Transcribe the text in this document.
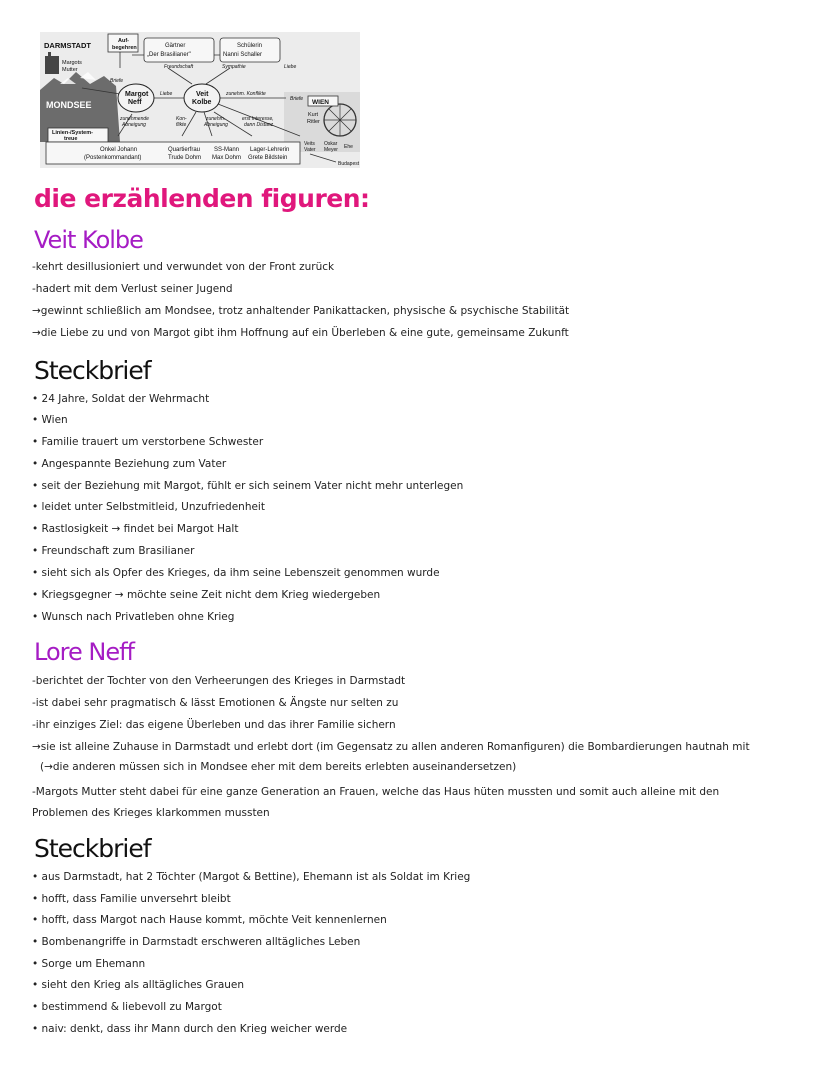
DARMSTADT
Margots
Mutter
Auf-
begehren	Gärtner
„Der Brasilianer"
Schülerin
Nanni Schaller
Freundschaft	Sympathie	Liebe
Briefe
Briefe
MONDSEE
Margot
Neff
Veit
Kolbe
Liebe	zunehm. Konflikte
WIEN
Kurt
Ritler
zunehmende
Abneigung
Kon-
flikte
zunehm.
Abneigung
erst Interesse,
dann Distanz
Linien-/System-
treue
Onkel Johann
(Postenkommandant)
Quartierfrau
Trude Dohm
SS-Mann
Max Dohm
Lager-Lehrerin
Grete Bildstein
Veits
Vater
Oskar
Meyer Ehe
Budapest
die erzählenden figuren:
Veit Kolbe
-kehrt desillusioniert und verwundet von der Front zurück
-hadert mit dem Verlust seiner Jugend
→gewinnt schließlich am Mondsee, trotz anhaltender Panikattacken, physische & psychische Stabilität
→die Liebe zu und von Margot gibt ihm Hoffnung auf ein Überleben & eine gute, gemeinsame Zukunft
Steckbrief
• 24 Jahre, Soldat der Wehrmacht
• Wien
• Familie trauert um verstorbene Schwester
• Angespannte Beziehung zum Vater
• seit der Beziehung mit Margot, fühlt er sich seinem Vater nicht mehr unterlegen
• leidet unter Selbstmitleid, Unzufriedenheit
• Rastlosigkeit → findet bei Margot Halt
• Freundschaft zum Brasilianer
• sieht sich als Opfer des Krieges, da ihm seine Lebenszeit genommen wurde
• Kriegsgegner → möchte seine Zeit nicht dem Krieg wiedergeben
• Wunsch nach Privatleben ohne Krieg
Lore Neff
-berichtet der Tochter von den Verheerungen des Krieges in Darmstadt
-ist dabei sehr pragmatisch & lässt Emotionen & Ängste nur selten zu
-ihr einziges Ziel: das eigene Überleben und das ihrer Familie sichern
→sie ist alleine Zuhause in Darmstadt und erlebt dort (im Gegensatz zu allen anderen Romanfiguren) die Bombardierungen hautnah mit
(→die anderen müssen sich in Mondsee eher mit dem bereits erlebten auseinandersetzen)
-Margots Mutter steht dabei für eine ganze Generation an Frauen, welche das Haus hüten mussten und somit auch alleine mit den Problemen des Krieges klarkommen mussten
Steckbrief
• aus Darmstadt, hat 2 Töchter (Margot & Bettine), Ehemann ist als Soldat im Krieg
• hofft, dass Familie unversehrt bleibt
• hofft, dass Margot nach Hause kommt, möchte Veit kennenlernen
• Bombenangriffe in Darmstadt erschweren alltägliches Leben
• Sorge um Ehemann
• sieht den Krieg als alltägliches Grauen
• bestimmend & liebevoll zu Margot
• naiv: denkt, dass ihr Mann durch den Krieg weicher werde
